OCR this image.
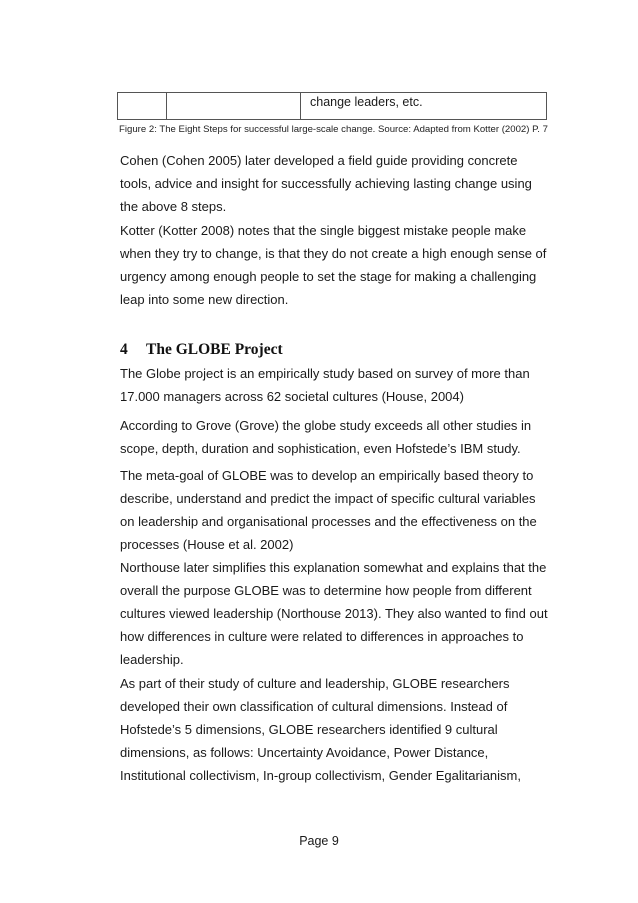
change leaders, etc.
Figure 2: The Eight Steps for successful large-scale change. Source: Adapted from Kotter (2002) P. 7

Cohen (Cohen 2005) later developed a field guide providing concrete tools, advice and insight for successfully achieving lasting change using the above 8 steps.

Kotter (Kotter 2008) notes that the single biggest mistake people make when they try to change, is that they do not create a high enough sense of urgency among enough people to set the stage for making a challenging leap into some new direction.

4 The GLOBE Project

The Globe project is an empirically study based on survey of more than 17.000 managers across 62 societal cultures (House, 2004)

According to Grove (Grove) the globe study exceeds all other studies in scope, depth, duration and sophistication, even Hofstede’s IBM study.

The meta-goal of GLOBE was to develop an empirically based theory to describe, understand and predict the impact of specific cultural variables on leadership and organisational processes and the effectiveness on the processes (House et al. 2002)

Northouse later simplifies this explanation somewhat and explains that the overall the purpose GLOBE was to determine how people from different cultures viewed leadership (Northouse 2013). They also wanted to find out how differences in culture were related to differences in approaches to leadership.

As part of their study of culture and leadership, GLOBE researchers developed their own classification of cultural dimensions. Instead of Hofstede’s 5 dimensions, GLOBE researchers identified 9 cultural dimensions, as follows: Uncertainty Avoidance, Power Distance, Institutional collectivism, In-group collectivism, Gender Egalitarianism,

Page 9
